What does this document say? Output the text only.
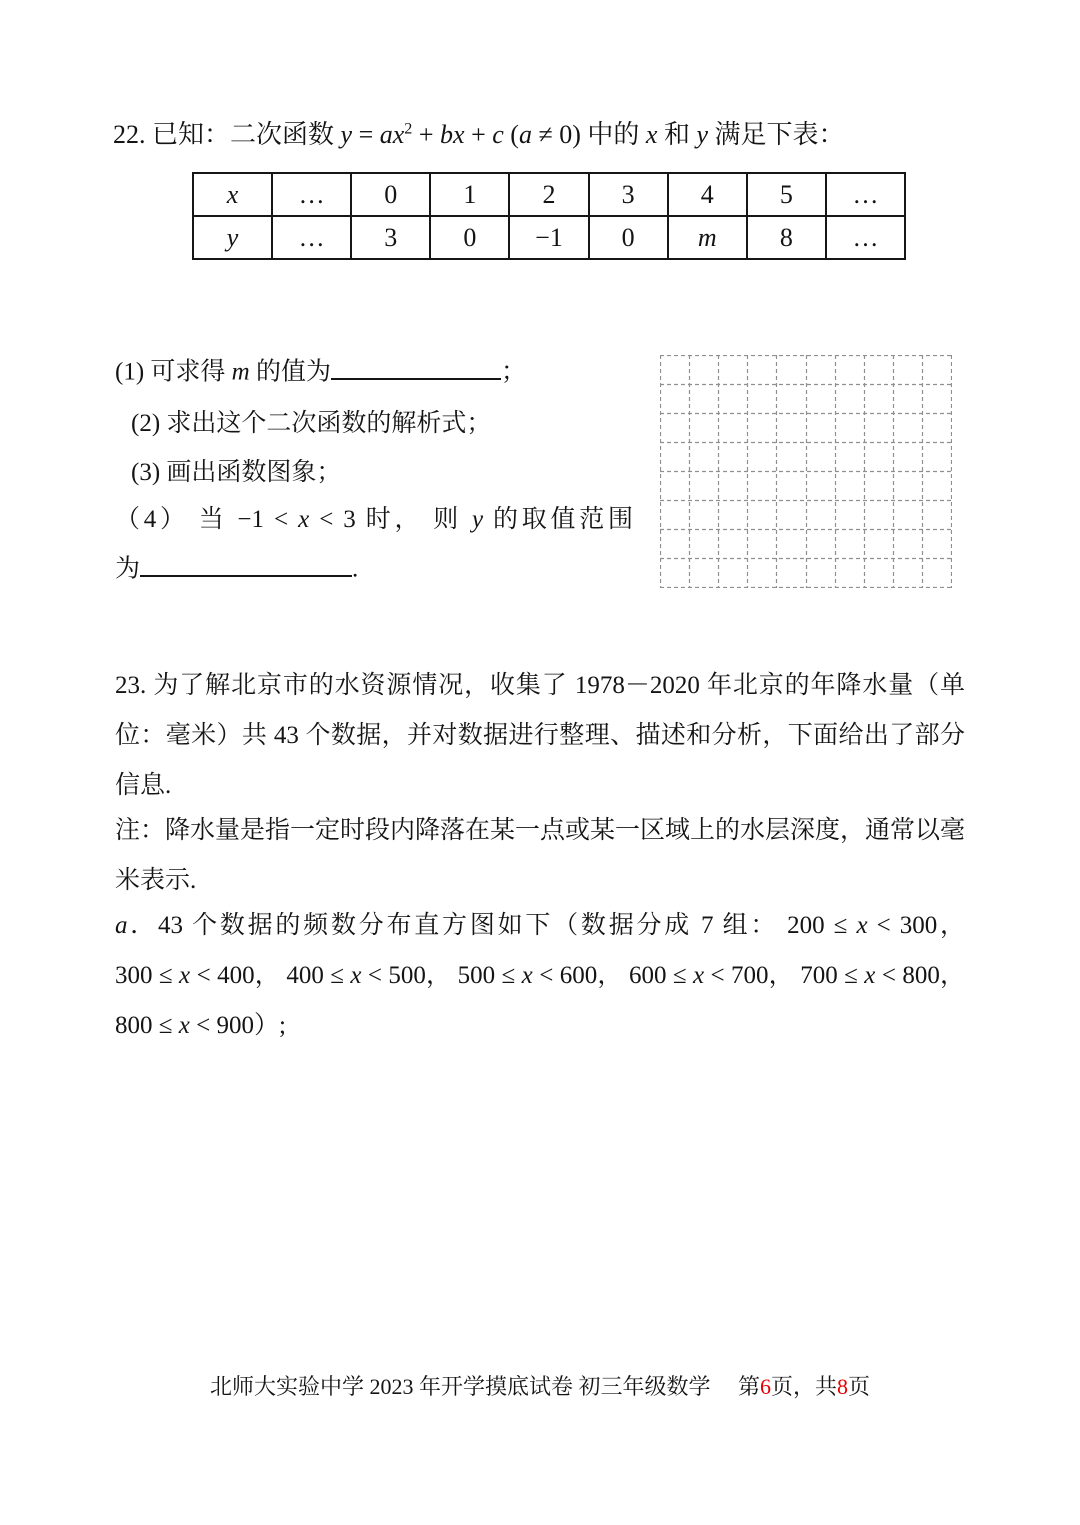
22. 已知：二次函数 $y = ax^2$ + bx + c (a ≠ 0) 中的 x 和 y 满足下表：
x	…	0	1	2	3	4	5	…
y	…	3	0	−1	0	m	8	…
(1) 可求得 m 的值为	；
(2) 求出这个二次函数的解析式；
(3) 画出函数图象；
（4） 当 −1 < x < 3 时， 则 y 的取值范围
为	.
23. 为了解北京市的水资源情况，收集了 1978－2020 年北京的年降水量（单
位：毫米）共 43 个数据，并对数据进行整理、描述和分析，下面给出了部分
信息.
注：降水量是指一定时段内降落在某一点或某一区域上的水层深度，通常以毫
米表示.
a．43 个数据的频数分布直方图如下（数据分成 7 组： 200 ≤ x < 300，
300 ≤ x < 400， 400 ≤ x < 500， 500 ≤ x < 600， 600 ≤ x < 700， 700 ≤ x < 800，
800 ≤ x < 900）;
北师大实验中学 2023 年开学摸底试卷 初三年级数学　 第6页，共8页
